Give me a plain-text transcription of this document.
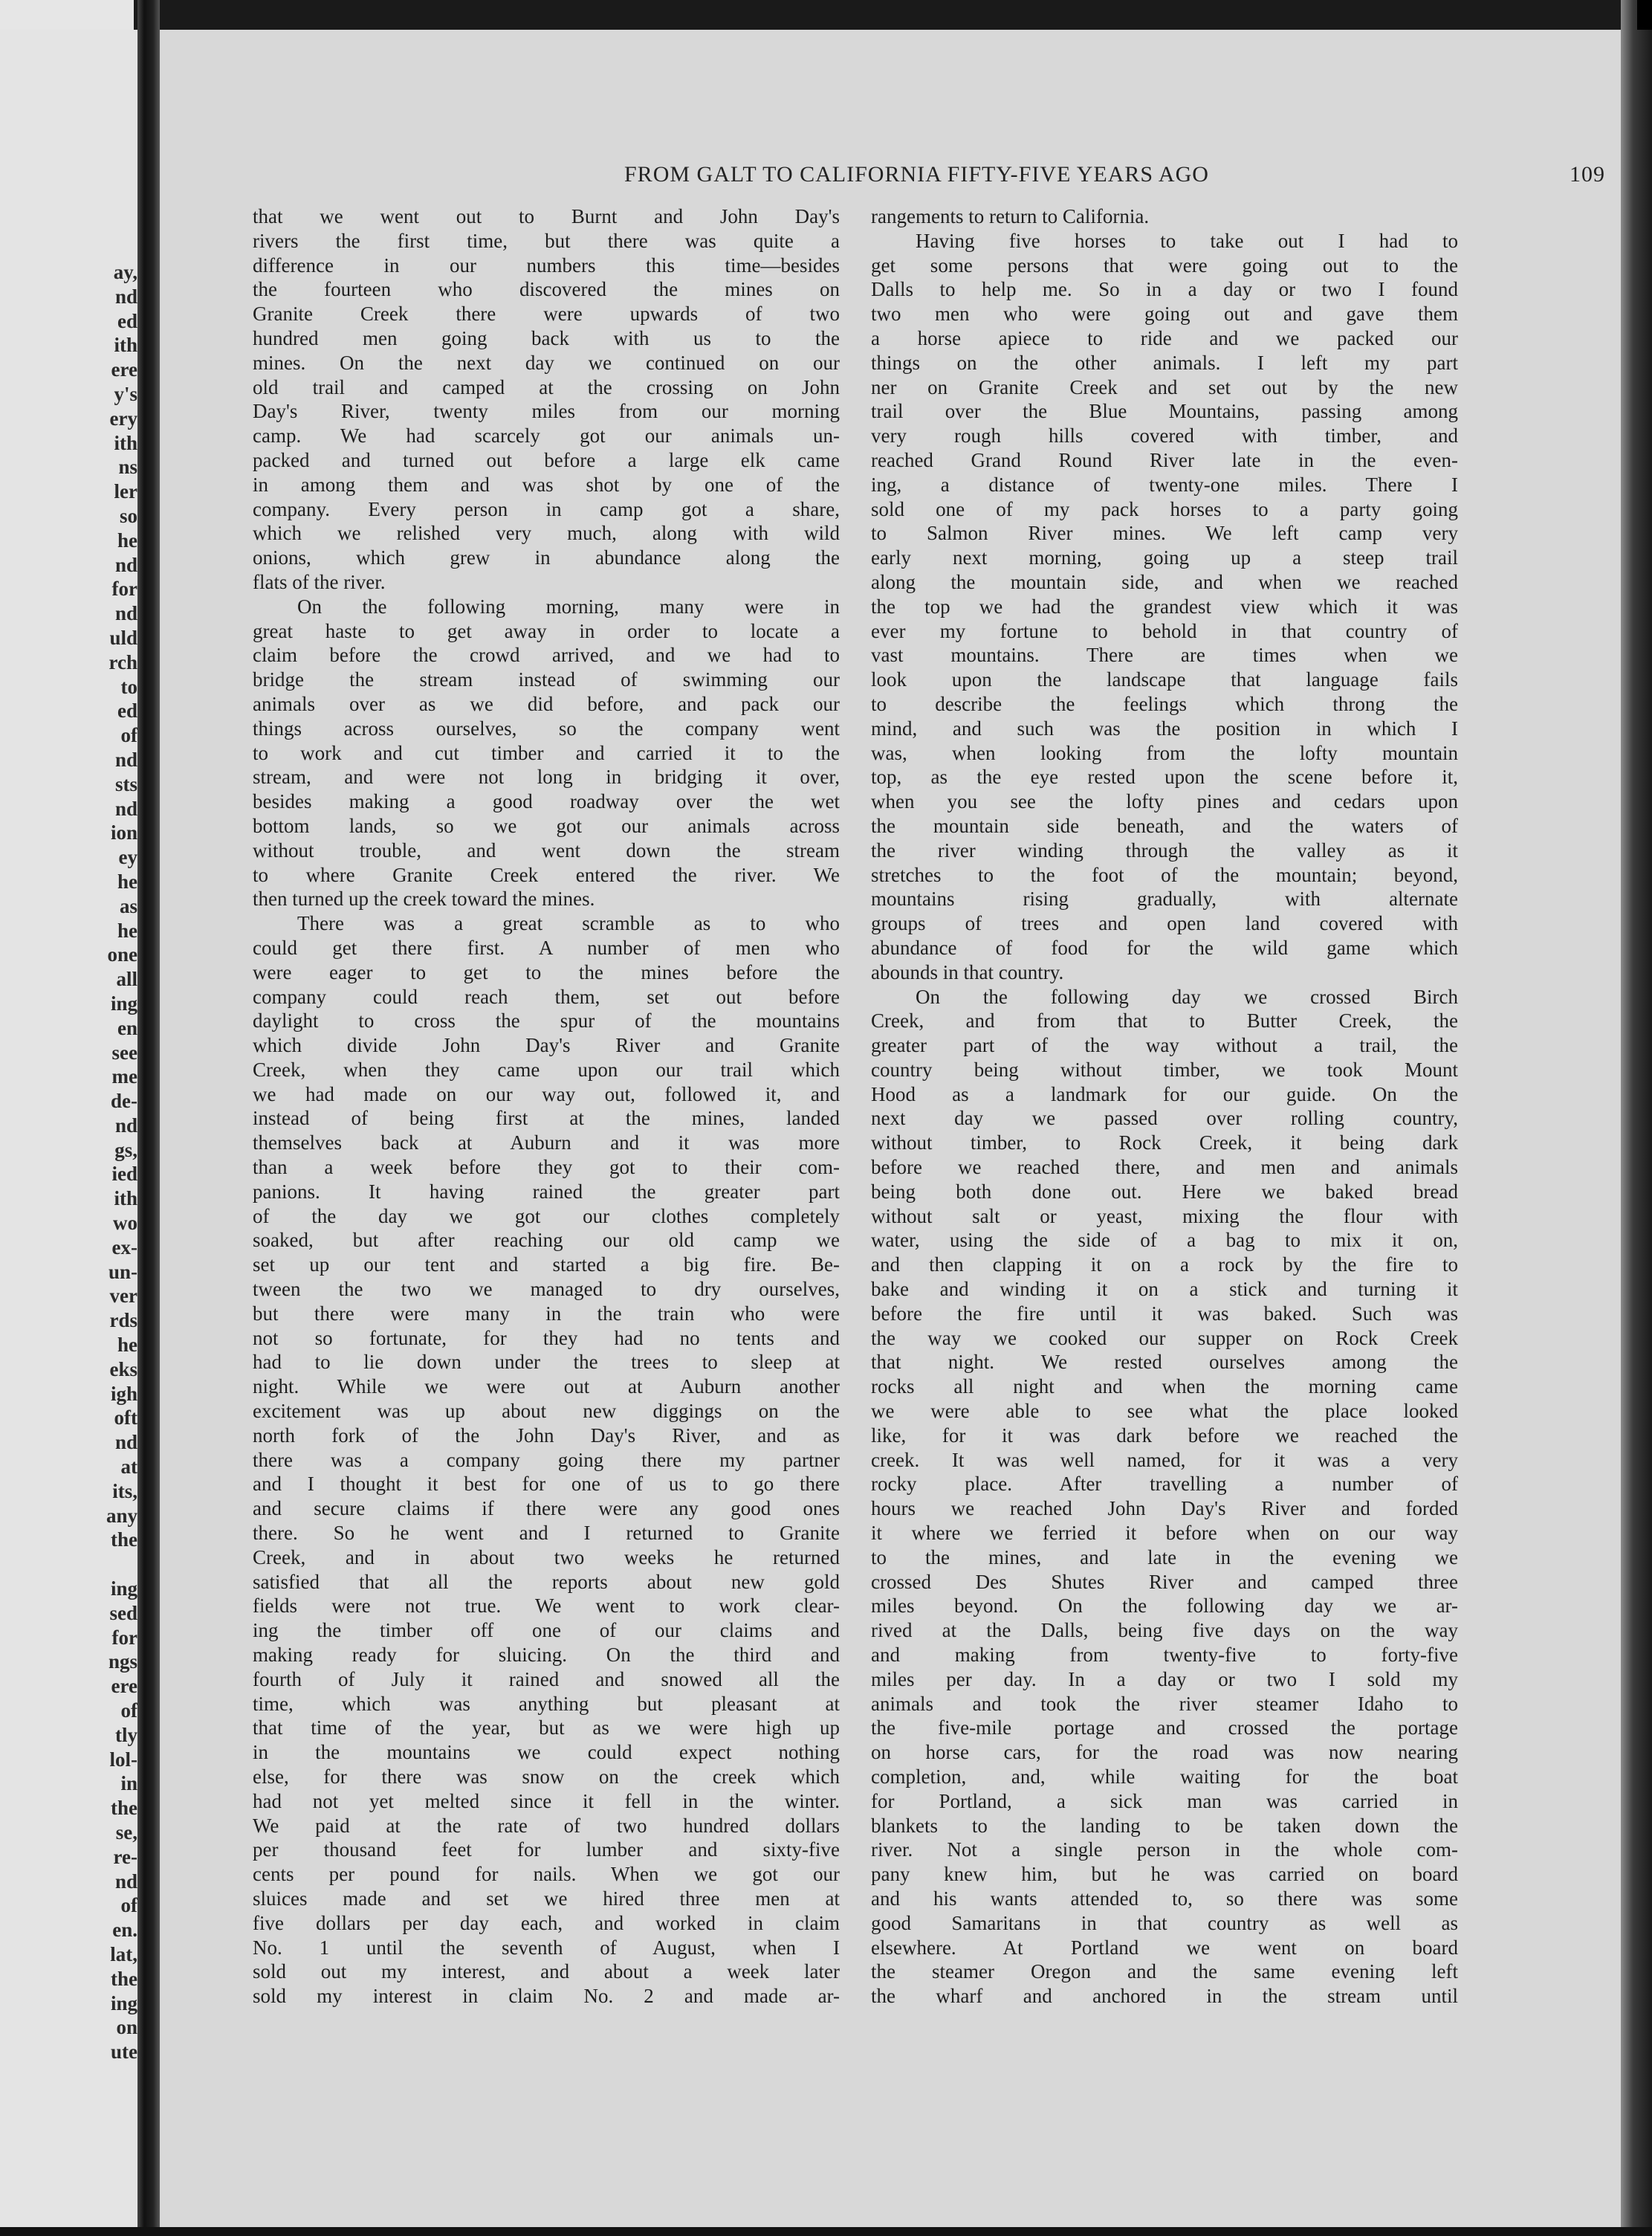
ay,
nd
ed
ith
ere
y's
ery
ith
ns
ler
so
he
nd
for
nd
uld
rch
to
ed
of
nd
sts
nd
ion
ey
he
as
he
one
all
ing
en
see
me
de-
nd
gs,
ied
ith
wo
ex-
un-
ver
rds
he
eks
igh
oft
nd
at
its,
any
the
ing
sed
for
ngs
ere
of
tly
lol-
in
the
se,
re-
nd
of
en.
lat,
the
ing
on
ute
FROM GALT TO CALIFORNIA FIFTY-FIVE YEARS AGO	109
that we went out to Burnt and John Day's
rivers the first time, but there was quite a
difference in our numbers this time—besides
the fourteen who discovered the mines on
Granite Creek there were upwards of two
hundred men going back with us to the
mines. On the next day we continued on our
old trail and camped at the crossing on John
Day's River, twenty miles from our morning
camp. We had scarcely got our animals un-
packed and turned out before a large elk came
in among them and was shot by one of the
company. Every person in camp got a share,
which we relished very much, along with wild
onions, which grew in abundance along the
flats of the river.
On the following morning, many were in
great haste to get away in order to locate a
claim before the crowd arrived, and we had to
bridge the stream instead of swimming our
animals over as we did before, and pack our
things across ourselves, so the company went
to work and cut timber and carried it to the
stream, and were not long in bridging it over,
besides making a good roadway over the wet
bottom lands, so we got our animals across
without trouble, and went down the stream
to where Granite Creek entered the river. We
then turned up the creek toward the mines.
There was a great scramble as to who
could get there first. A number of men who
were eager to get to the mines before the
company could reach them, set out before
daylight to cross the spur of the mountains
which divide John Day's River and Granite
Creek, when they came upon our trail which
we had made on our way out, followed it, and
instead of being first at the mines, landed
themselves back at Auburn and it was more
than a week before they got to their com-
panions. It having rained the greater part
of the day we got our clothes completely
soaked, but after reaching our old camp we
set up our tent and started a big fire. Be-
tween the two we managed to dry ourselves,
but there were many in the train who were
not so fortunate, for they had no tents and
had to lie down under the trees to sleep at
night. While we were out at Auburn another
excitement was up about new diggings on the
north fork of the John Day's River, and as
there was a company going there my partner
and I thought it best for one of us to go there
and secure claims if there were any good ones
there. So he went and I returned to Granite
Creek, and in about two weeks he returned
satisfied that all the reports about new gold
fields were not true. We went to work clear-
ing the timber off one of our claims and
making ready for sluicing. On the third and
fourth of July it rained and snowed all the
time, which was anything but pleasant at
that time of the year, but as we were high up
in the mountains we could expect nothing
else, for there was snow on the creek which
had not yet melted since it fell in the winter.
We paid at the rate of two hundred dollars
per thousand feet for lumber and sixty-five
cents per pound for nails. When we got our
sluices made and set we hired three men at
five dollars per day each, and worked in claim
No. 1 until the seventh of August, when I
sold out my interest, and about a week later
sold my interest in claim No. 2 and made ar-
rangements to return to California.
Having five horses to take out I had to
get some persons that were going out to the
Dalls to help me. So in a day or two I found
two men who were going out and gave them
a horse apiece to ride and we packed our
things on the other animals. I left my part
ner on Granite Creek and set out by the new
trail over the Blue Mountains, passing among
very rough hills covered with timber, and
reached Grand Round River late in the even-
ing, a distance of twenty-one miles. There I
sold one of my pack horses to a party going
to Salmon River mines. We left camp very
early next morning, going up a steep trail
along the mountain side, and when we reached
the top we had the grandest view which it was
ever my fortune to behold in that country of
vast mountains. There are times when we
look upon the landscape that language fails
to describe the feelings which throng the
mind, and such was the position in which I
was, when looking from the lofty mountain
top, as the eye rested upon the scene before it,
when you see the lofty pines and cedars upon
the mountain side beneath, and the waters of
the river winding through the valley as it
stretches to the foot of the mountain; beyond,
mountains rising gradually, with alternate
groups of trees and open land covered with
abundance of food for the wild game which
abounds in that country.
On the following day we crossed Birch
Creek, and from that to Butter Creek, the
greater part of the way without a trail, the
country being without timber, we took Mount
Hood as a landmark for our guide. On the
next day we passed over rolling country,
without timber, to Rock Creek, it being dark
before we reached there, and men and animals
being both done out. Here we baked bread
without salt or yeast, mixing the flour with
water, using the side of a bag to mix it on,
and then clapping it on a rock by the fire to
bake and winding it on a stick and turning it
before the fire until it was baked. Such was
the way we cooked our supper on Rock Creek
that night. We rested ourselves among the
rocks all night and when the morning came
we were able to see what the place looked
like, for it was dark before we reached the
creek. It was well named, for it was a very
rocky place. After travelling a number of
hours we reached John Day's River and forded
it where we ferried it before when on our way
to the mines, and late in the evening we
crossed Des Shutes River and camped three
miles beyond. On the following day we ar-
rived at the Dalls, being five days on the way
and making from twenty-five to forty-five
miles per day. In a day or two I sold my
animals and took the river steamer Idaho to
the five-mile portage and crossed the portage
on horse cars, for the road was now nearing
completion, and, while waiting for the boat
for Portland, a sick man was carried in
blankets to the landing to be taken down the
river. Not a single person in the whole com-
pany knew him, but he was carried on board
and his wants attended to, so there was some
good Samaritans in that country as well as
elsewhere. At Portland we went on board
the steamer Oregon and the same evening left
the wharf and anchored in the stream until
